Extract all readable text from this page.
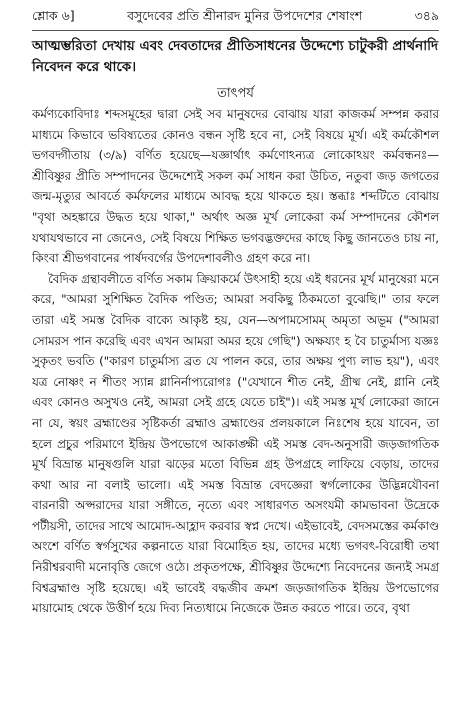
শ্লোক ৬]	বসুদেবের প্রতি শ্রীনারদ মুনির উপদেশের শেষাংশ	৩৪৯

আত্মম্ভরিতা দেখায় এবং দেবতাদের প্রীতিসাধনের উদ্দেশ্যে চাটুকরী প্রার্থনাদি নিবেদন করে থাকে।

তাৎপর্য

কর্মণ্যকোবিদাঃ শব্দসমূহের দ্বারা সেই সব মানুষদের বোঝায় যারা কাজকর্ম সম্পন্ন করার মাধ্যমে কিভাবে ভবিষ্যতের কোনও বন্ধন সৃষ্টি হবে না, সেই বিষয়ে মূর্খ। এই কর্মকৌশল ভগবদ্গীতায় (৩/৯) বর্ণিত হয়েছে—যজ্ঞার্থাৎ কর্মণোঽন্যত্র লোকোঽয়ং কর্মবন্ধনঃ—শ্রীবিষ্ণুর প্রীতি সম্পাদনের উদ্দেশ্যেই সকল কর্ম সাধন করা উচিত, নতুবা জড় জগতের জন্ম-মৃত্যুর আবর্তে কর্মফলের মাধ্যমে আবদ্ধ হয়ে থাকতে হয়। স্তব্ধাঃ শব্দটিতে বোঝায় "বৃথা অহঙ্কারে উদ্ধত হয়ে থাকা," অর্থাৎ অজ্ঞ মূর্খ লোকেরা কর্ম সম্পাদনের কৌশল যথাযথভাবে না জেনেও, সেই বিষয়ে শিক্ষিত ভগবদ্ভক্তদের কাছে কিছু জানতেও চায় না, কিংবা শ্রীভগবানের পার্ষদবর্গের উপদেশাবলীও গ্রহণ করে না।

বৈদিক গ্রন্থাবলীতে বর্ণিত সকাম ক্রিয়াকর্মে উৎসাহী হয়ে এই ধরনের মূর্খ মানুষেরা মনে করে, "আমরা সুশিক্ষিত বৈদিক পণ্ডিত; আমরা সবকিছু ঠিকমতো বুঝেছি।" তার ফলে তারা এই সমস্ত বৈদিক বাক্যে আকৃষ্ট হয়, যেন—অপামসোমম্ অমৃতা অভূম ("আমরা সোমরস পান করেছি এবং এখন আমরা অমর হয়ে গেছি") অক্ষয্যং হ বৈ চাতুর্মাস্য যজ্ঞঃ সুকৃতং ভবতি ("কারণ চাতুর্মাস্য ব্রত যে পালন করে, তার অক্ষয় পুণ্য লাভ হয়"), এবং যত্র নোষ্ণং ন শীতং স্যান্ন গ্লানির্নাপ্যরোগঃ ("যেখানে শীত নেই, গ্রীষ্ম নেই, গ্লানি নেই এবং কোনও অসুখও নেই, আমরা সেই গ্রহে যেতে চাই")। এই সমস্ত মূর্খ লোকেরা জানে না যে, স্বয়ং ব্রহ্মাণ্ডের সৃষ্টিকর্তা ব্রহ্মাও ব্রহ্মাণ্ডের প্রলয়কালে নিঃশেষ হয়ে যাবেন, তা হলে প্রচুর পরিমাণে ইন্দ্রিয় উপভোগে আকাঙ্ক্ষী এই সমস্ত বেদ-অনুসারী জড়জাগতিক মূর্খ বিভ্রান্ত মানুষগুলি যারা ঝড়ের মতো বিভিন্ন গ্রহ উপগ্রহে লাফিয়ে বেড়ায়, তাদের কথা আর না বলাই ভালো। এই সমস্ত বিভ্রান্ত বেদজ্ঞেরা স্বর্গলোকের উদ্ভিন্নযৌবনা বারনারী অপ্সরাদের যারা সঙ্গীতে, নৃত্যে এবং সাধারণত অসংযমী কামভাবনা উদ্রেকে পটীয়সী, তাদের সাথে আমোদ-আহ্লাদ করবার স্বপ্ন দেখে। এইভাবেই, বেদসমস্তের কর্মকাণ্ড অংশে বর্ণিত স্বর্গসুখের কল্পনাতে যারা বিমোহিত হয়, তাদের মধ্যে ভগবৎ-বিরোধী তথা নিরীশ্বরবাদী মনোবৃত্তি জেগে ওঠে। প্রকৃতপক্ষে, শ্রীবিষ্ণুর উদ্দেশ্যে নিবেদনের জন্যই সমগ্র বিশ্বব্রহ্মাণ্ড সৃষ্টি হয়েছে। এই ভাবেই বদ্ধজীব ক্রমশ জড়জাগতিক ইন্দ্রিয় উপভোগের মায়ামোহ থেকে উত্তীর্ণ হয়ে দিব্য নিত্যধামে নিজেকে উন্নত করতে পারে। তবে, বৃথা
